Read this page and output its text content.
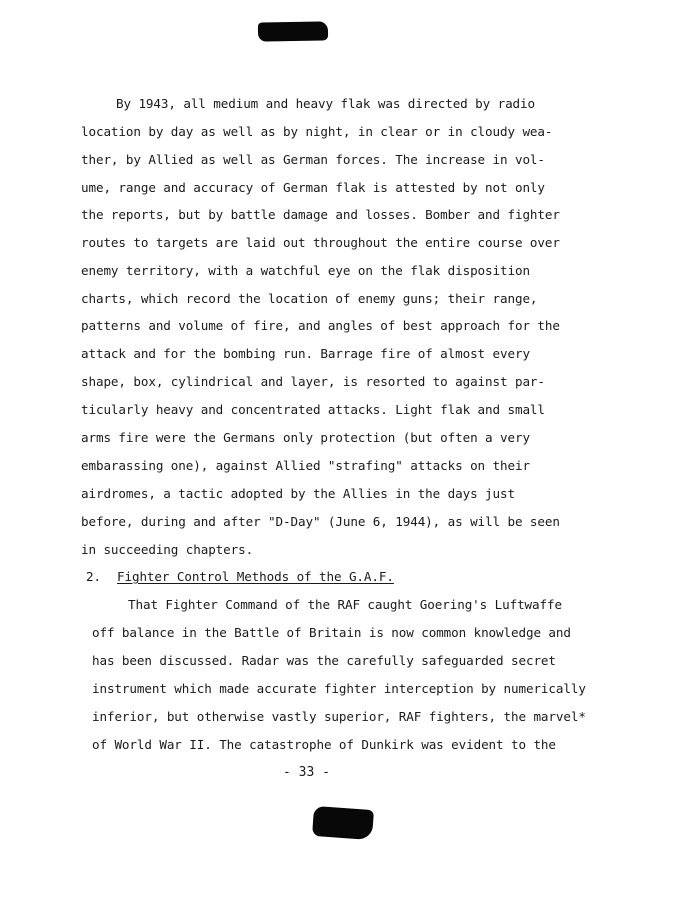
By 1943, all medium and heavy flak was directed by radio

location by day as well as by night, in clear or in cloudy wea-

ther, by Allied as well as German forces. The increase in vol-

ume, range and accuracy of German flak is attested by not only

the reports, but by battle damage and losses. Bomber and fighter

routes to targets are laid out throughout the entire course over

enemy territory, with a watchful eye on the flak disposition

charts, which record the location of enemy guns; their range,

patterns and volume of fire, and angles of best approach for the

attack and for the bombing run. Barrage fire of almost every

shape, box, cylindrical and layer, is resorted to against par-

ticularly heavy and concentrated attacks. Light flak and small

arms fire were the Germans only protection (but often a very

embarassing one), against Allied "strafing" attacks on their

airdromes, a tactic adopted by the Allies in the days just

before, during and after "D-Day" (June 6, 1944), as will be seen

in succeeding chapters.

2. Fighter Control Methods of the G.A.F.

That Fighter Command of the RAF caught Goering's Luftwaffe

off balance in the Battle of Britain is now common knowledge and

has been discussed. Radar was the carefully safeguarded secret

instrument which made accurate fighter interception by numerically

inferior, but otherwise vastly superior, RAF fighters, the marvel*

of World War II. The catastrophe of Dunkirk was evident to the

- 33 -
